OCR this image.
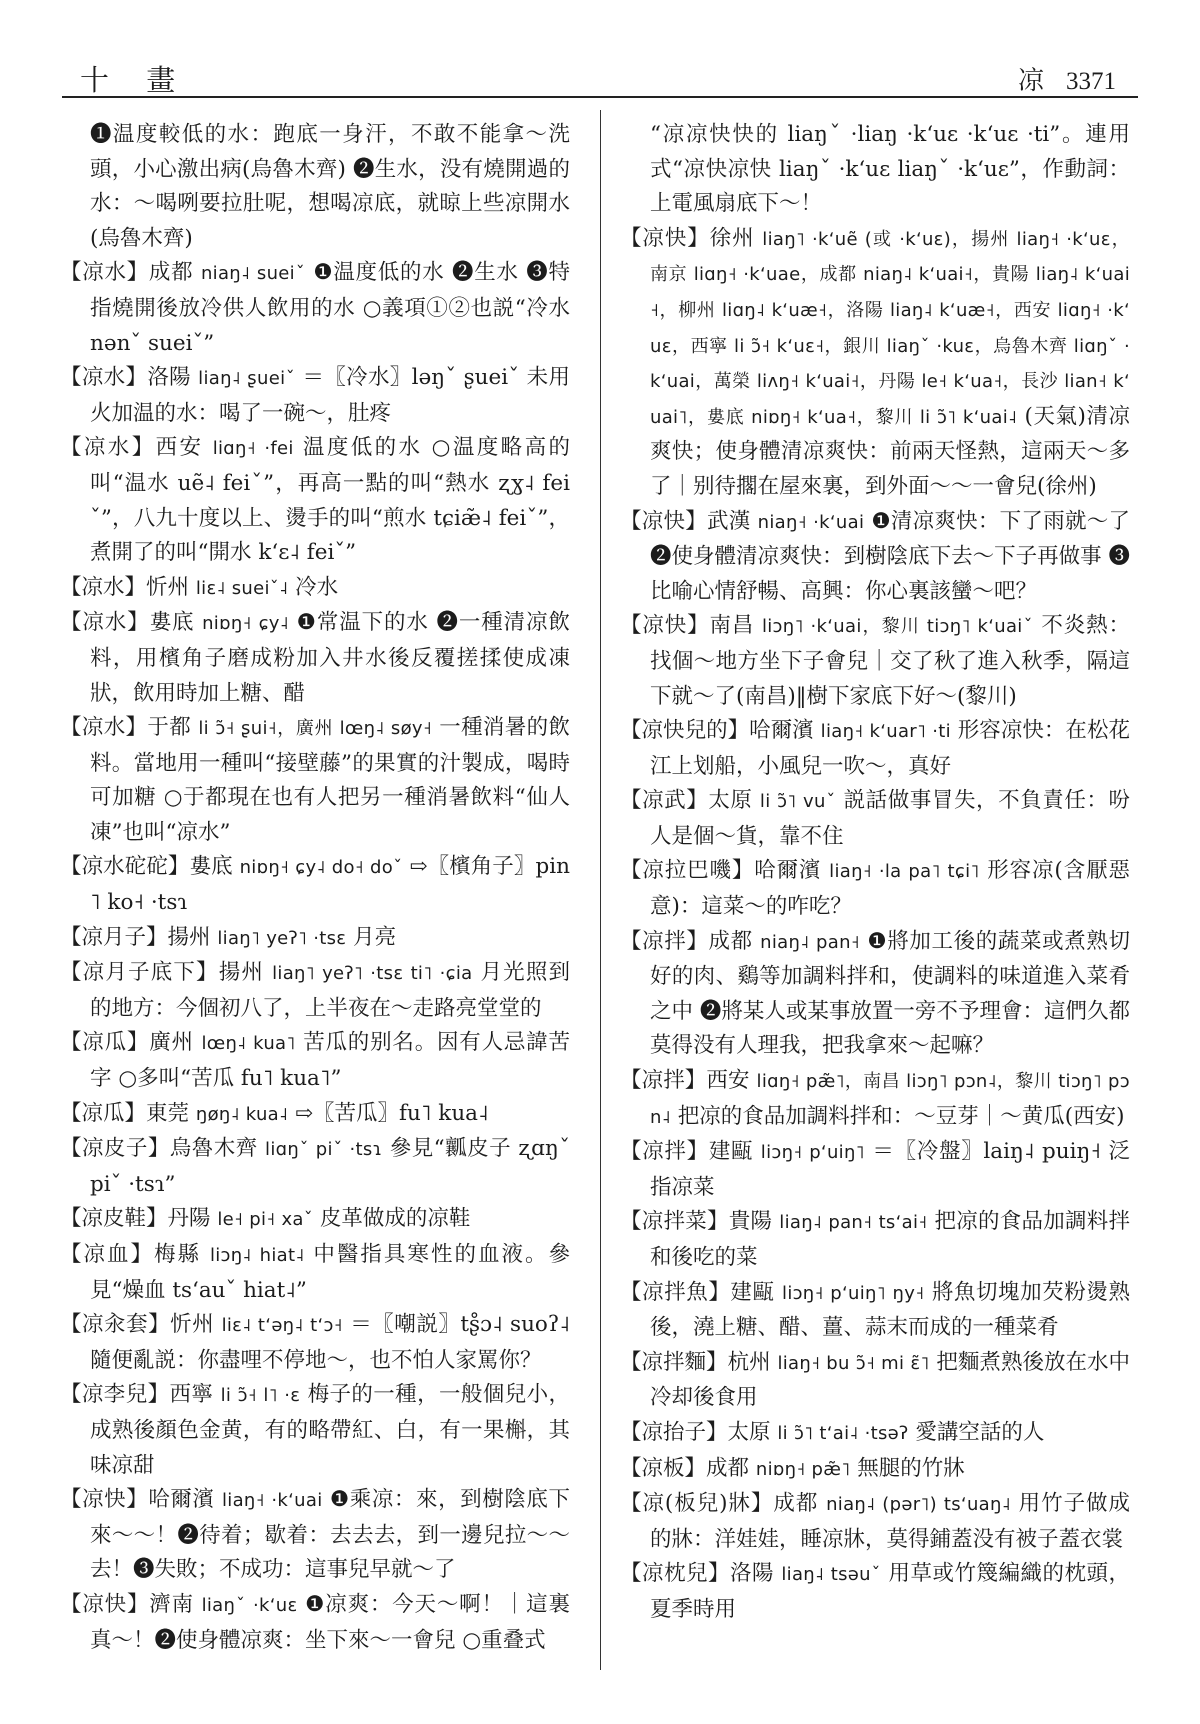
十 畫	凉 3371
❶温度較低的水：跑底一身汗，不敢不能拿～洗頭，小心激出病(烏魯木齊) ❷生水，没有燒開過的水：～喝咧要拉肚呢，想喝凉底，就晾上些凉開水(烏魯木齊)
【凉水】成都 niaŋ˨ sueiˇ ❶温度低的水 ❷生水 ❸特指燒開後放冷供人飲用的水 ○義項①②也説“冷水 nənˇ sueiˇ”
【凉水】洛陽 liaŋ˨ ʂueiˇ ＝〖冷水〗ləŋˇ ʂueiˇ 未用火加温的水：喝了一碗～，肚疼
【凉水】西安 liɑŋ˧ ·fei 温度低的水 ○温度略高的叫“温水 uẽ˨ feiˇ”，再高一點的叫“熱水 ʐɣ˨ feiˇ”，八九十度以上、燙手的叫“煎水 tɕiæ̃˨ feiˇ”，煮開了的叫“開水 kʻɛ˨ feiˇ”
【凉水】忻州 liɛ˨ sueiˇ˨ 冷水
【凉水】婁底 niɒŋ˧ ɕy˨ ❶常温下的水 ❷一種清凉飲料，用檳角子磨成粉加入井水後反覆搓揉使成凍狀，飲用時加上糖、醋
【凉水】于都 li ɔ̃˧ ʂui˧，廣州 lœŋ˨ søy˧ 一種消暑的飲料。當地用一種叫“接壁藤”的果實的汁製成，喝時可加糖 ○于都現在也有人把另一種消暑飲料“仙人凍”也叫“凉水”
【凉水砣砣】婁底 niɒŋ˧ ɕy˨ do˧ doˇ ⇨〖檳角子〗pin˥ ko˧ ·tsɿ
【凉月子】揚州 liaŋ˥ yeʔ˥ ·tsɛ 月亮
【凉月子底下】揚州 liaŋ˥ yeʔ˥ ·tsɛ ti˥ ·ɕia 月光照到的地方：今個初八了，上半夜在～走路亮堂堂的
【凉瓜】廣州 lœŋ˨ kua˥ 苦瓜的别名。因有人忌諱苦字 ○多叫“苦瓜 fu˥ kua˥”
【凉瓜】東莞 ŋøŋ˨ kua˨ ⇨〖苦瓜〗fu˥ kua˨
【凉皮子】烏魯木齊 liɑŋˇ piˇ ·tsɿ 參見“瓤皮子 ʐɑŋˇ piˇ ·tsɿ”
【凉皮鞋】丹陽 le˧ pi˧ xaˇ 皮革做成的凉鞋
【凉血】梅縣 liɔŋ˨ hiat˨ 中醫指具寒性的血液。參見“燥血 tsʻauˇ hiat˨”
【凉汆套】忻州 liɛ˨ tʻəŋ˨ tʻɔ˧ ＝〖嘲説〗tʂ̊ɔ˨ suoʔ˨ 隨便亂説：你盡哩不停地～，也不怕人家罵你？
【凉李兒】西寧 li ɔ̃˧ l˥ ·ɛ 梅子的一種，一般個兒小，成熟後顏色金黄，有的略帶紅、白，有一果槲，其味凉甜
【凉快】哈爾濱 liaŋ˧ ·kʻuai ❶乘凉：來，到樹陰底下來～～！❷待着；歇着：去去去，到一邊兒拉～～去！❸失敗；不成功：這事兒早就～了
【凉快】濟南 liaŋˇ ·kʻuɛ ❶凉爽：今天～啊！｜這裏真～！❷使身體凉爽：坐下來～一會兒 ○重叠式
“凉凉快快的 liaŋˇ ·liaŋ ·kʻuɛ ·kʻuɛ ·ti”。連用式“凉快凉快 liaŋˇ ·kʻuɛ liaŋˇ ·kʻuɛ”，作動詞：上電風扇底下～！
【凉快】徐州 liaŋ˥ ·kʻuẽ (或 ·kʻuɛ)，揚州 liaŋ˧ ·kʻuɛ，南京 liɑŋ˧ ·kʻuae，成都 niaŋ˨ kʻuai˧，貴陽 liaŋ˨ kʻuai˧，柳州 liɑŋ˨ kʻuæ˧，洛陽 liaŋ˨ kʻuæ˧，西安 liɑŋ˧ ·kʻuɛ，西寧 li ɔ̃˧ kʻuɛ˧，銀川 liaŋˇ ·kuɛ，烏魯木齊 liɑŋˇ ·kʻuai，萬榮 liʌŋ˧ kʻuai˧，丹陽 le˧ kʻua˧，長沙 lian˧ kʻuai˥，婁底 niɒŋ˧ kʻua˧，黎川 li ɔ̃˥ kʻuai˨ (天氣)清凉爽快；使身體清凉爽快：前兩天怪熱，這兩天～多了｜别待擱在屋來裏，到外面～～一會兒(徐州)
【凉快】武漢 niaŋ˧ ·kʻuai ❶清凉爽快：下了雨就～了 ❷使身體清凉爽快：到樹陰底下去～下子再做事 ❸比喻心情舒暢、高興：你心裏該蠻～吧？
【凉快】南昌 liɔŋ˥ ·kʻuai，黎川 tiɔŋ˥ kʻuaiˇ 不炎熱：找個～地方坐下子會兒｜交了秋了進入秋季，隔這下就～了(南昌)‖樹下家底下好～(黎川)
【凉快兒的】哈爾濱 liaŋ˧ kʻuar˥ ·ti 形容凉快：在松花江上划船，小風兒一吹～，真好
【凉武】太原 li ɔ̃˥ vuˇ 説話做事冒失，不負責任：吩人是個～貨，靠不住
【凉拉巴嘰】哈爾濱 liaŋ˧ ·la pa˥ tɕi˥ 形容凉(含厭惡意)：這菜～的咋吃？
【凉拌】成都 niaŋ˨ pan˧ ❶將加工後的蔬菜或煮熟切好的肉、鷄等加調料拌和，使調料的味道進入菜肴之中 ❷將某人或某事放置一旁不予理會：這們久都莫得没有人理我，把我拿來～起嘛？
【凉拌】西安 liɑŋ˧ pæ̃˥，南昌 liɔŋ˥ pɔn˨，黎川 tiɔŋ˥ pɔn˨ 把凉的食品加調料拌和：～豆芽｜～黄瓜(西安)
【凉拌】建甌 liɔŋ˧ pʻuiŋ˥ ＝〖冷盤〗laiŋ˨ puiŋ˧ 泛指凉菜
【凉拌菜】貴陽 liaŋ˨ pan˧ tsʻai˧ 把凉的食品加調料拌和後吃的菜
【凉拌魚】建甌 liɔŋ˧ pʻuiŋ˥ ŋy˧ 將魚切塊加芡粉燙熟後，澆上糖、醋、薑、蒜末而成的一種菜肴
【凉拌麵】杭州 liaŋ˧ bu ɔ̃˧ mi ɛ̃˥ 把麵煮熟後放在水中冷却後食用
【凉抬子】太原 li ɔ̃˥ tʻai˨ ·tsəʔ 愛講空話的人
【凉板】成都 niɒŋ˧ pæ̃˥ 無腿的竹牀
【凉(板兒)牀】成都 niaŋ˨ (pər˥) tsʻuaŋ˨ 用竹子做成的牀：洋娃娃，睡凉牀，莫得鋪蓋没有被子蓋衣裳
【凉枕兒】洛陽 liaŋ˨ tsəuˇ 用草或竹篾編織的枕頭，夏季時用
